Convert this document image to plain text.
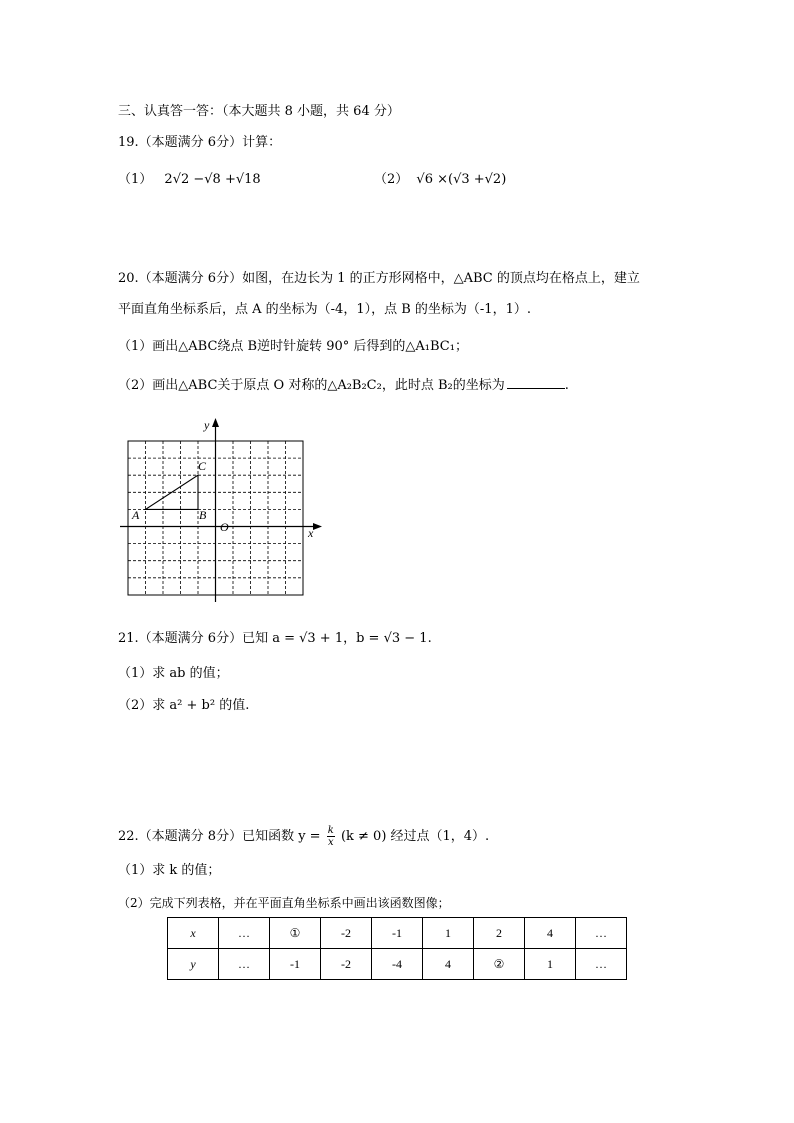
三、认真答一答：（本大题共 8 小题，共 64 分）
19.（本题满分 6分）计算：
（1） 2√2 −√8 +√18	（2） √6 ×(√3 +√2)
20.（本题满分 6分）如图，在边长为 1 的正方形网格中，△ABC 的顶点均在格点上，建立
平面直角坐标系后，点 A 的坐标为（-4，1），点 B 的坐标为（-1，1）.
（1）画出△ABC绕点 B逆时针旋转 90° 后得到的△A₁BC₁；
（2）画出△ABC关于原点 O 对称的△A₂B₂C₂，此时点 B₂的坐标为	.
y
x
O
A	B
C
21.（本题满分 6分）已知 a = √3 + 1，b = √3 − 1.
（1）求 ab 的值；
（2）求 a² + b² 的值.
22.（本题满分 8分）已知函数 $y = \frac{k}{x} (k \ne 0)$ 经过点（1，4）.
（1）求 k 的值；
（2）完成下列表格，并在平面直角坐标系中画出该函数图像；
x	…	①	-2	-1	1	2	4	…
y	…	-1	-2	-4	4	②	1	…
